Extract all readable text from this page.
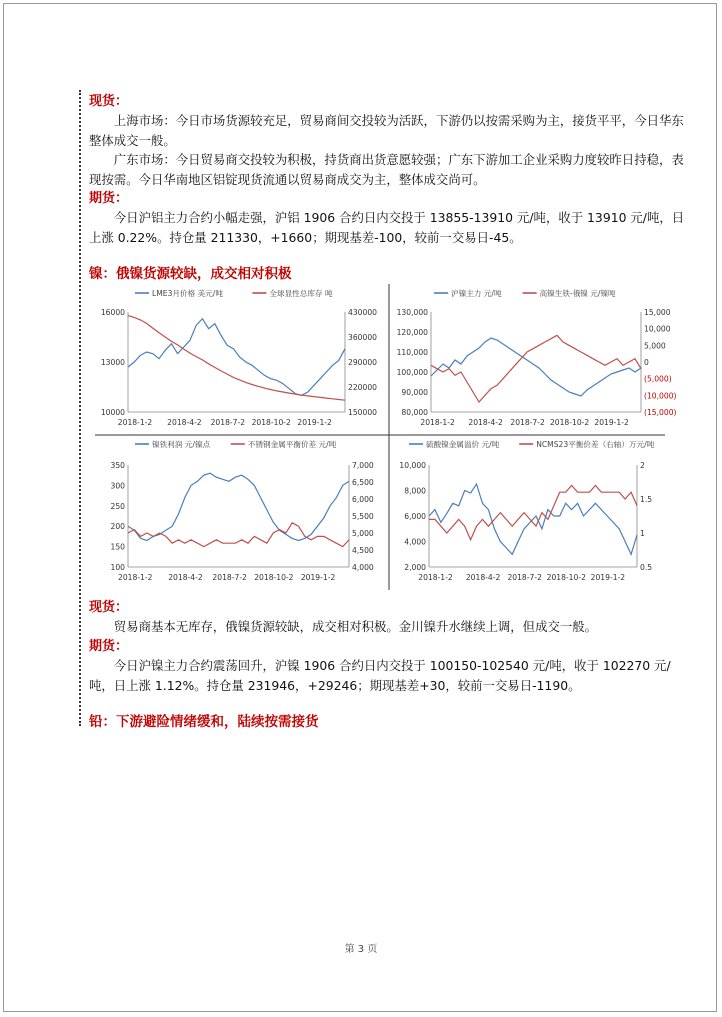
现货：

上海市场：今日市场货源较充足，贸易商间交投较为活跃，下游仍以按需采购为主，接货平平，今日华东整体成交一般。

广东市场：今日贸易商交投较为积极，持货商出货意愿较强；广东下游加工企业采购力度较昨日持稳，表现按需。今日华南地区铝锭现货流通以贸易商成交为主，整体成交尚可。

期货：

今日沪铝主力合约小幅走强，沪铝 1906 合约日内交投于 13855-13910 元/吨，收于 13910 元/吨，日上涨 0.22%。持仓量 211330，+1660；期现基差-100，较前一交易日-45。

镍：俄镍货源较缺，成交相对积极
LME3月价格 美元/吨	全球显性总库存 吨
10000
13000
16000
150000
220000
290000
360000
430000
2018-1-2 2018-4-2 2018-7-2 2018-10-2 2019-1-2
沪镍主力 元/吨	高镍生铁-俄镍 元/镍吨
80,000
90,000
100,000
110,000
120,000
130,000
(15,000)
(10,000)
(5,000)
0
5,000
10,000
15,000
2018-1-2 2018-4-2 2018-7-2 2018-10-2 2019-1-2
镍铁利润 元/镍点	不锈钢金属平衡价差 元/吨
100
150
200
250
300
350
4,000
4,500
5,000
5,500
6,000
6,500
7,000
2018-1-2 2018-4-2 2018-7-2 2018-10-2 2019-1-2
硫酸镍金属溢价 元/吨	NCMS23平衡价差（右轴）万元/吨
2,000
4,000
6,000
8,000
10,000
0.5
1
1.5
2
2018-1-2 2018-4-2 2018-7-2 2018-10-2 2019-1-2
现货：

贸易商基本无库存，俄镍货源较缺，成交相对积极。金川镍升水继续上调，但成交一般。

期货：

今日沪镍主力合约震荡回升，沪镍 1906 合约日内交投于 100150-102540 元/吨，收于 102270 元/吨，日上涨 1.12%。持仓量 231946，+29246；期现基差+30，较前一交易日-1190。

铅：下游避险情绪缓和，陆续按需接货
第 3 页
